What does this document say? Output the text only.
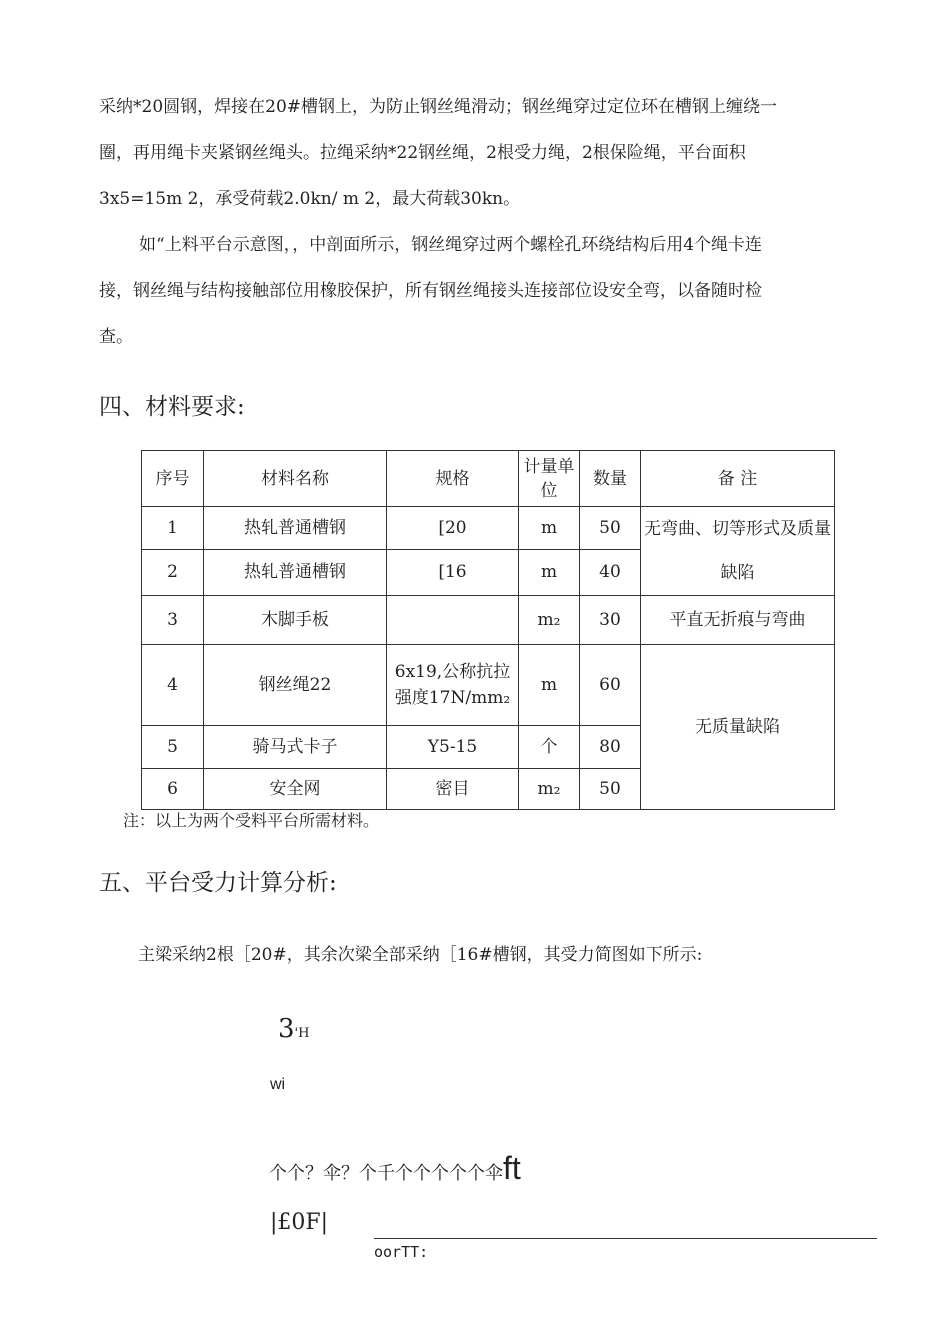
采纳*20圆钢，焊接在20#槽钢上，为防止钢丝绳滑动；钢丝绳穿过定位环在槽钢上缠绕一
圈，再用绳卡夹紧钢丝绳头。拉绳采纳*22钢丝绳，2根受力绳，2根保险绳，平台面积
3x5=15m 2，承受荷载2.0kn/ m 2，最大荷载30kn。
如“上料平台示意图，，中剖面所示，钢丝绳穿过两个螺栓孔环绕结构后用4个绳卡连
接，钢丝绳与结构接触部位用橡胶保护，所有钢丝绳接头连接部位设安全弯，以备随时检
查。
四、材料要求:
序号	材料名称	规格	计量单位	数量	备 注
1	热轧普通槽钢	[20	m	50	无弯曲、切等形式及质量缺陷
2	热轧普通槽钢	[16	m	40	
3	木脚手板		m₂	30	平直无折痕与弯曲
4	钢丝绳22	6x19,公称抗拉强度17N/mm₂	m	60	无质量缺陷
5	骑马式卡子	Y5-15	个	80	
6	安全网	密目	m₂	50	

注：以上为两个受料平台所需材料。

五、平台受力计算分析:

主梁采纳2根［20#，其余次梁全部采纳［16#槽钢，其受力简图如下所示:

3'H
wi
个个？伞？个千个个个个个伞ft
|£0F|
oorTT:
